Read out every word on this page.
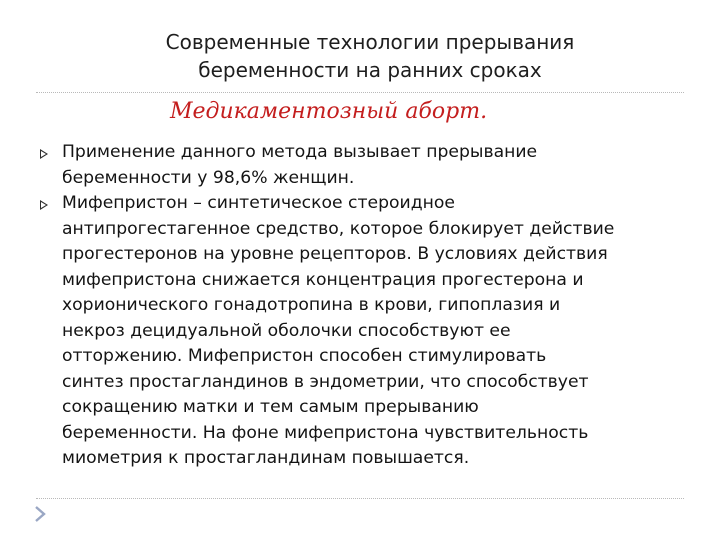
Современные технологии прерывания
беременности на ранних сроках
Медикаментозный аборт.
Применение данного метода вызывает прерывание
беременности у 98,6% женщин.
Мифепристон – синтетическое стероидное
антипрогестагенное средство, которое блокирует действие
прогестеронов на уровне рецепторов. В условиях действия
мифепристона снижается концентрация прогестерона и
хорионического гонадотропина в крови, гипоплазия и
некроз децидуальной оболочки способствуют ее
отторжению. Мифепристон способен стимулировать
синтез простагландинов в эндометрии, что способствует
сокращению матки и тем самым прерыванию
беременности. На фоне мифепристона чувствительность
миометрия к простагландинам повышается.
